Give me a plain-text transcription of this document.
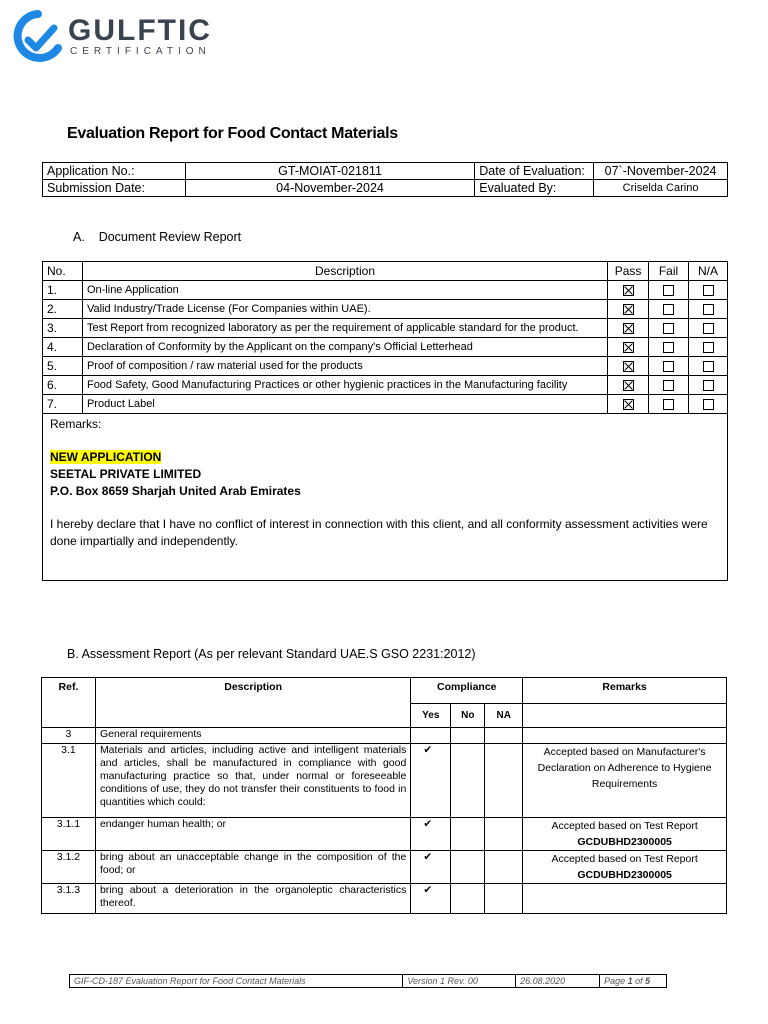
GULFTIC
CERTIFICATION
Evaluation Report for Food Contact Materials
Application No.:	GT-MOIAT-021811	Date of Evaluation:	07`-November-2024
Submission Date:	04-November-2024	Evaluated By:	Criselda Carino
A.    Document Review Report
No.	Description	Pass	Fail	N/A
1.	On-line Application			
2.	Valid Industry/Trade License (For Companies within UAE).			
3.	Test Report from recognized laboratory as per the requirement of applicable standard for the product.			
4.	Declaration of Conformity by the Applicant on the company's Official Letterhead			
5.	Proof of composition / raw material used for the products			
6.	Food Safety, Good Manufacturing Practices or other hygienic practices in the Manufacturing facility			
7.	Product Label			
Remarks:
NEW APPLICATION
SEETAL PRIVATE LIMITED
P.O. Box 8659 Sharjah United Arab Emirates
I hereby declare that I have no conflict of interest in connection with this client, and all conformity assessment activities were done impartially and independently.
B. Assessment Report (As per relevant Standard UAE.S GSO 2231:2012)
Ref.	Description	Compliance			Remarks
		Yes	No	NA	
3	General requirements				
3.1	Materials and articles, including active and intelligent materials and articles, shall be manufactured in compliance with good manufacturing practice so that, under normal or foreseeable conditions of use, they do not transfer their constituents to food in quantities which could:	✔			Accepted based on Manufacturer's Declaration on Adherence to Hygiene Requirements
3.1.1	endanger human health; or	✔			Accepted based on Test Report
GCDUBHD2300005

3.1.2	bring about an unacceptable change in the composition of the food; or	✔			Accepted based on Test Report
GCDUBHD2300005

3.1.3	bring about a deterioration in the organoleptic characteristics thereof.	✔			
GIF-CD-187 Evaluation Report for Food Contact Materials	Version 1 Rev. 00	26.08.2020	Page 1 of 5
